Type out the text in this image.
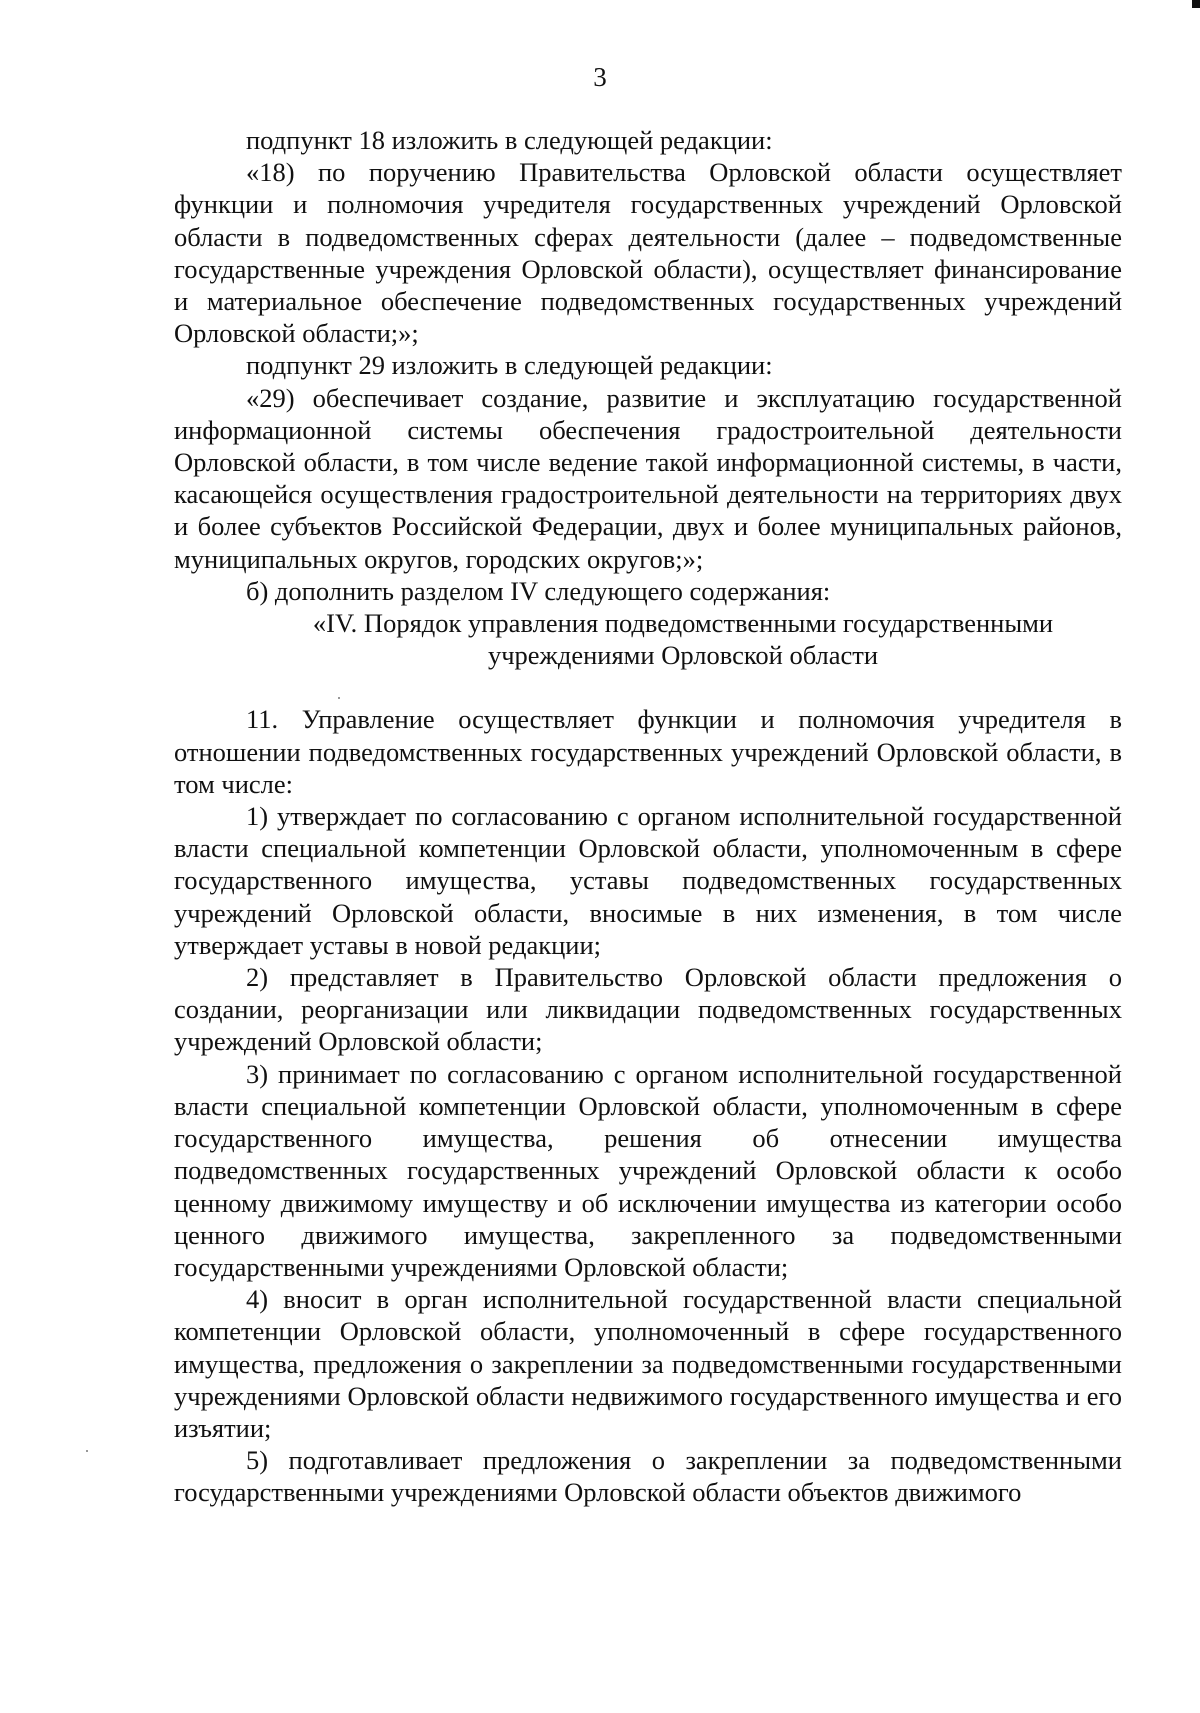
3

подпункт 18 изложить в следующей редакции:

«18) по поручению Правительства Орловской области осуществляет функции и полномочия учредителя государственных учреждений Орловской области в подведомственных сферах деятельности (далее – подведомственные государственные учреждения Орловской области), осуществляет финансирование и материальное обеспечение подведомственных государственных учреждений Орловской области;»;

подпункт 29 изложить в следующей редакции:

«29) обеспечивает создание, развитие и эксплуатацию государственной информационной системы обеспечения градостроительной деятельности Орловской области, в том числе ведение такой информационной системы, в части, касающейся осуществления градостроительной деятельности на территориях двух и более субъектов Российской Федерации, двух и более муниципальных районов, муниципальных округов, городских округов;»;

б) дополнить разделом IV следующего содержания:

«IV. Порядок управления подведомственными государственными

учреждениями Орловской области

11. Управление осуществляет функции и полномочия учредителя в отношении подведомственных государственных учреждений Орловской области, в том числе:

1) утверждает по согласованию с органом исполнительной государственной власти специальной компетенции Орловской области, уполномоченным в сфере государственного имущества, уставы подведомственных государственных учреждений Орловской области, вносимые в них изменения, в том числе утверждает уставы в новой редакции;

2) представляет в Правительство Орловской области предложения о создании, реорганизации или ликвидации подведомственных государственных учреждений Орловской области;

3) принимает по согласованию с органом исполнительной государственной власти специальной компетенции Орловской области, уполномоченным в сфере государственного имущества, решения об отнесении имущества подведомственных государственных учреждений Орловской области к особо ценному движимому имуществу и об исключении имущества из категории особо ценного движимого имущества, закрепленного за подведомственными государственными учреждениями Орловской области;

4) вносит в орган исполнительной государственной власти специальной компетенции Орловской области, уполномоченный в сфере государственного имущества, предложения о закреплении за подведомственными государственными учреждениями Орловской области недвижимого государственного имущества и его изъятии;

5) подготавливает предложения о закреплении за подведомственными государственными учреждениями Орловской области объектов движимого
